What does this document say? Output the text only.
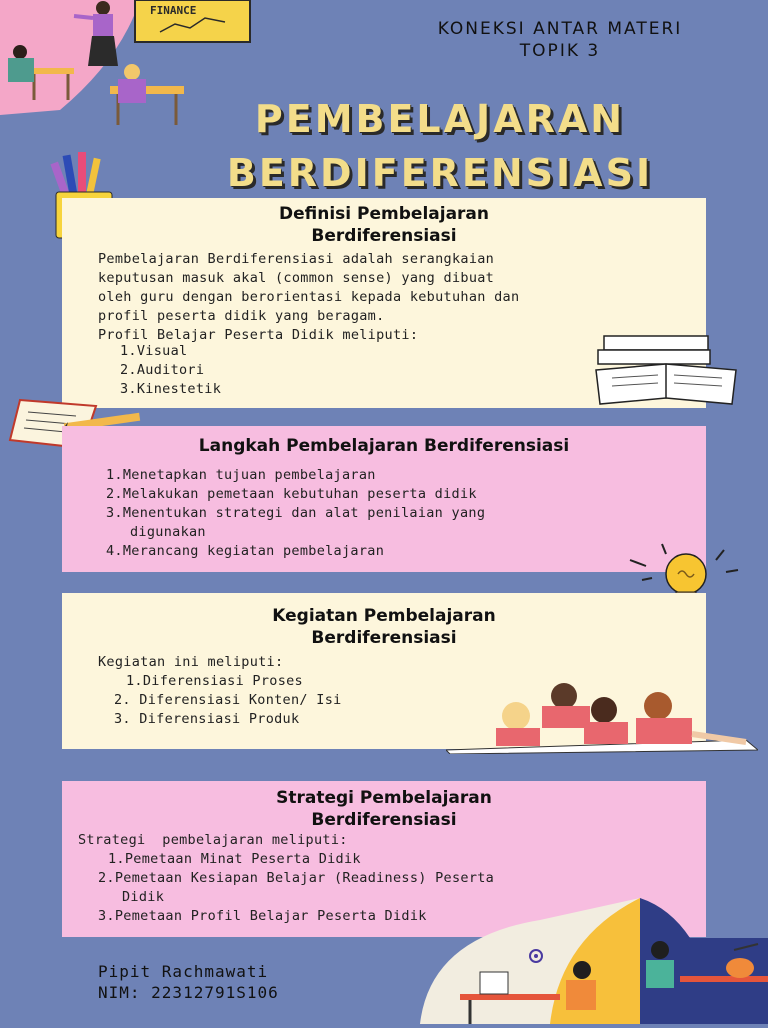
FINANCE
KONEKSI ANTAR MATERI
TOPIK 3
PEMBELAJARAN
BERDIFERENSIASI
Definisi Pembelajaran
Berdiferensiasi
Pembelajaran Berdiferensiasi adalah serangkaian
keputusan masuk akal (common sense) yang dibuat
oleh guru dengan berorientasi kepada kebutuhan dan
profil peserta didik yang beragam.
Profil Belajar Peserta Didik meliputi:
1.Visual
2.Auditori
3.Kinestetik
Langkah Pembelajaran Berdiferensiasi
1.Menetapkan tujuan pembelajaran
2.Melakukan pemetaan kebutuhan peserta didik
3.Menentukan strategi dan alat penilaian yang
digunakan
4.Merancang kegiatan pembelajaran
Kegiatan Pembelajaran
Berdiferensiasi
Kegiatan ini meliputi:
1.Diferensiasi Proses
2. Diferensiasi Konten/ Isi
3. Diferensiasi Produk
Strategi Pembelajaran
Berdiferensiasi
Strategi  pembelajaran meliputi:
1.Pemetaan Minat Peserta Didik
2.Pemetaan Kesiapan Belajar (Readiness) Peserta
Didik
3.Pemetaan Profil Belajar Peserta Didik
Pipit Rachmawati
NIM: 22312791S106
